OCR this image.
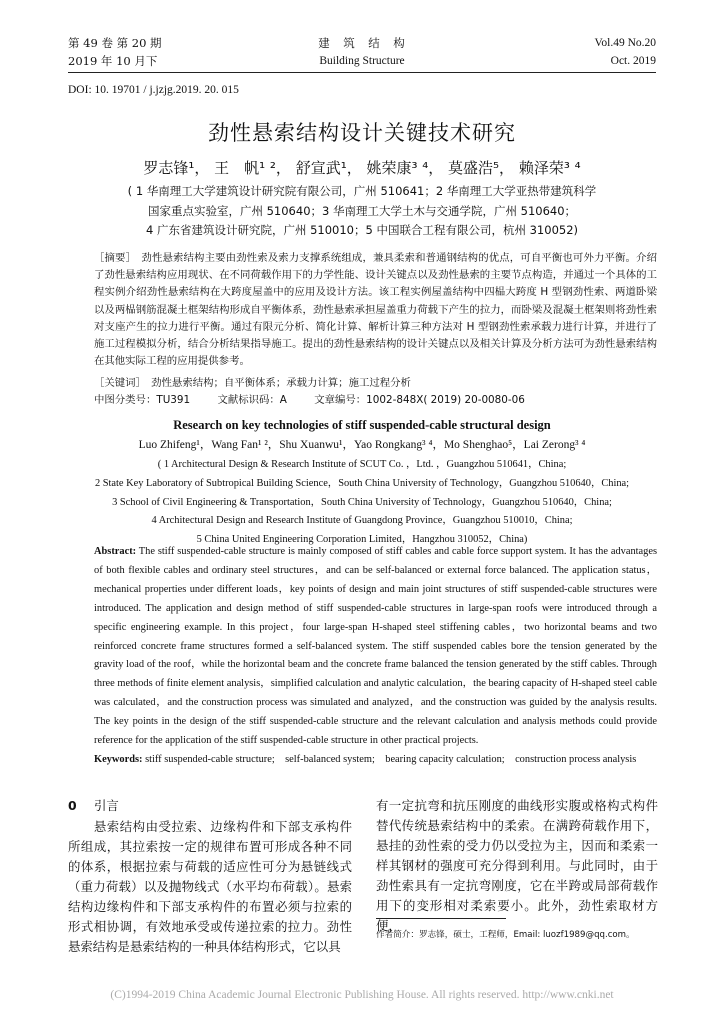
第 49 卷 第 20 期
2019 年 10 月下
建　筑　结　构
Building Structure
Vol.49 No.20
Oct. 2019
DOI: 10. 19701 / j.jzjg.2019. 20. 015
劲性悬索结构设计关键技术研究
罗志锋¹， 王　帆¹ ²， 舒宣武¹， 姚荣康³ ⁴， 莫盛浩⁵， 赖泽荣³ ⁴
( 1 华南理工大学建筑设计研究院有限公司，广州 510641；2 华南理工大学亚热带建筑科学
国家重点实验室，广州 510640；3 华南理工大学土木与交通学院，广州 510640；
4 广东省建筑设计研究院，广州 510010；5 中国联合工程有限公司，杭州 310052)
［摘要］　劲性悬索结构主要由劲性索及索力支撑系统组成，兼具柔索和普通钢结构的优点，可自平衡也可外力平衡。介绍了劲性悬索结构应用现状、在不同荷载作用下的力学性能、设计关键点以及劲性悬索的主要节点构造，并通过一个具体的工程实例介绍劲性悬索结构在大跨度屋盖中的应用及设计方法。该工程实例屋盖结构中四榀大跨度 H 型钢劲性索、两道卧梁以及两榀钢筋混凝土框架结构形成自平衡体系，劲性悬索承担屋盖重力荷载下产生的拉力，而卧梁及混凝土框架则将劲性索对支座产生的拉力进行平衡。通过有限元分析、简化计算、解析计算三种方法对 H 型钢劲性索承载力进行计算，并进行了施工过程模拟分析，结合分析结果指导施工。提出的劲性悬索结构的设计关键点以及相关计算及分析方法可为劲性悬索结构在其他实际工程的应用提供参考。
［关键词］　劲性悬索结构；自平衡体系；承载力计算；施工过程分析
中图分类号：TU391	文献标识码：A	文章编号：1002-848X( 2019) 20-0080-06
Research on key technologies of stiff suspended-cable structural design
Luo Zhifeng¹，Wang Fan¹ ²，Shu Xuanwu¹，Yao Rongkang³ ⁴，Mo Shenghao⁵，Lai Zerong³ ⁴
( 1 Architectural Design & Research Institute of SCUT Co. ，Ltd. ，Guangzhou 510641，China;
2 State Key Laboratory of Subtropical Building Science，South China University of Technology，Guangzhou 510640，China;
3 School of Civil Engineering & Transportation，South China University of Technology，Guangzhou 510640，China;
4 Architectural Design and Research Institute of Guangdong Province，Guangzhou 510010，China;
5 China United Engineering Corporation Limited，Hangzhou 310052，China)
Abstract: The stiff suspended-cable structure is mainly composed of stiff cables and cable force support system. It has the advantages of both flexible cables and ordinary steel structures，and can be self-balanced or external force balanced. The application status，mechanical properties under different loads，key points of design and main joint structures of stiff suspended-cable structures were introduced. The application and design method of stiff suspended-cable structures in large-span roofs were introduced through a specific engineering example. In this project，four large-span H-shaped steel stiffening cables，two horizontal beams and two reinforced concrete frame structures formed a self-balanced system. The stiff suspended cables bore the tension generated by the gravity load of the roof，while the horizontal beam and the concrete frame balanced the tension generated by the stiff cables. Through three methods of finite element analysis，simplified calculation and analytic calculation，the bearing capacity of H-shaped steel cable was calculated，and the construction process was simulated and analyzed，and the construction was guided by the analysis results. The key points in the design of the stiff suspended-cable structure and the relevant calculation and analysis methods could provide reference for the application of the stiff suspended-cable structure in other practical projects.
Keywords: stiff suspended-cable structure;　self-balanced system;　bearing capacity calculation;　construction process analysis
0 引言
　　悬索结构由受拉索、边缘构件和下部支承构件所组成，其拉索按一定的规律布置可形成各种不同的体系，根据拉索与荷载的适应性可分为悬链线式（重力荷载）以及抛物线式（水平均布荷载）。悬索结构边缘构件和下部支承构件的布置必须与拉索的形式相协调，有效地承受或传递拉索的拉力。劲性悬索结构是悬索结构的一种具体结构形式，它以具
有一定抗弯和抗压刚度的曲线形实腹或格构式构件替代传统悬索结构中的柔索。在满跨荷载作用下，悬挂的劲性索的受力仍以受拉为主，因而和柔索一样其钢材的强度可充分得到利用。与此同时，由于劲性索具有一定抗弯刚度，它在半跨或局部荷载作用下的变形相对柔索要小。此外，劲性索取材方便，
作者简介：罗志锋，硕士，工程师，Email: luozf1989@qq.com。
(C)1994-2019 China Academic Journal Electronic Publishing House. All rights reserved. http://www.cnki.net
